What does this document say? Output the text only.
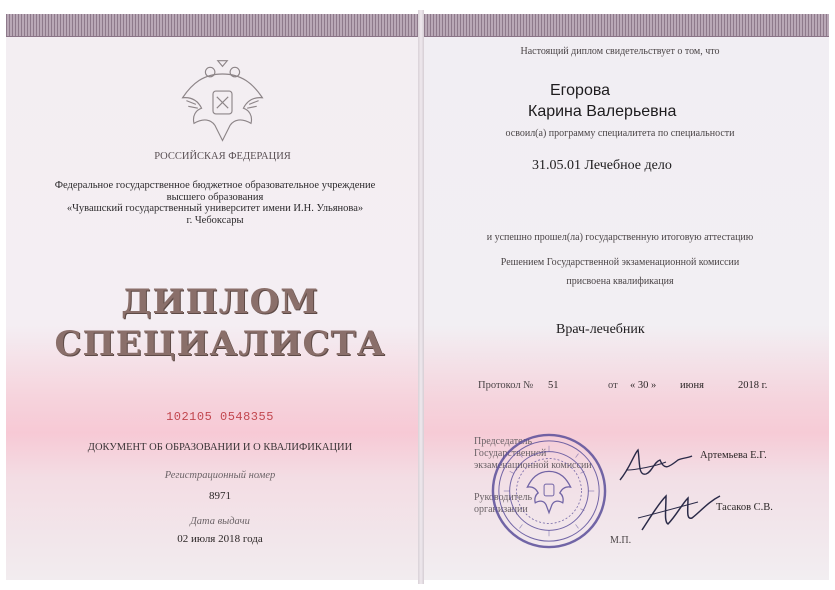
РОССИЙСКАЯ ФЕДЕРАЦИЯ
Федеральное государственное бюджетное образовательное учреждение
высшего образования
«Чувашский государственный университет имени И.Н. Ульянова»
г. Чебоксары
ДИПЛОМ
СПЕЦИАЛИСТА
102105 0548355
ДОКУМЕНТ ОБ ОБРАЗОВАНИИ И О КВАЛИФИКАЦИИ
Регистрационный номер
8971
Дата выдачи
02 июля 2018 года
Настоящий диплом свидетельствует о том, что
Егорова
Карина Валерьевна
освоил(а) программу специалитета по специальности
31.05.01 Лечебное дело
и успешно прошел(ла) государственную итоговую аттестацию
Решением Государственной экзаменационной комиссии
присвоена квалификация
Врач-лечебник
Протокол № 51	от « 30 » июня	2018 г.
Председатель
Государственной
экзаменационной комиссии
Артемьева Е.Г.
Руководитель
организации	Тасаков С.В.
М.П.
